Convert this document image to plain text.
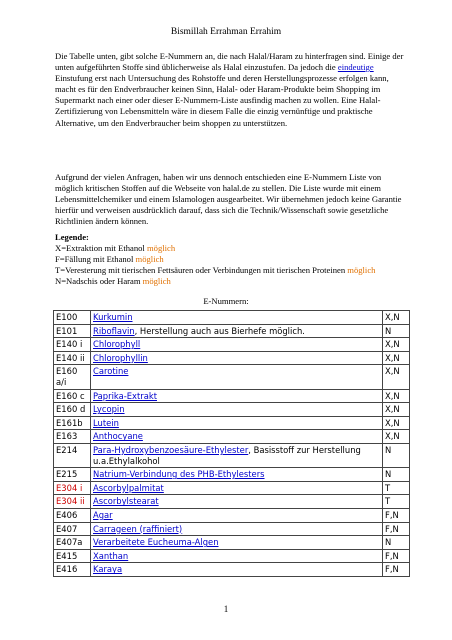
Bismillah Errahman Errahim
Die Tabelle unten, gibt solche E-Nummern an, die nach Halal/Haram zu hinterfragen sind. Einige der unten aufgeführten Stoffe sind üblicherweise als Halal einzustufen. Da jedoch die eindeutige Einstufung erst nach Untersuchung des Rohstoffe und deren Herstellungsprozesse erfolgen kann, macht es für den Endverbraucher keinen Sinn, Halal- oder Haram-Produkte beim Shopping im Supermarkt nach einer oder dieser E-Nummern-Liste ausfindig machen zu wollen. Eine Halal-Zertifizierung von Lebensmitteln wäre in diesem Falle die einzig vernünftige und praktische Alternative, um den Endverbraucher beim shoppen zu unterstützen.
Aufgrund der vielen Anfragen, haben wir uns dennoch entschieden eine E-Nummern Liste von möglich kritischen Stoffen auf die Webseite von halal.de zu stellen. Die Liste wurde mit einem Lebensmittelchemiker und einem Islamologen ausgearbeitet. Wir übernehmen jedoch keine Garantie hierfür und verweisen ausdrücklich darauf, dass sich die Technik/Wissenschaft sowie gesetzliche Richtlinien ändern können.
Legende:
X=Extraktion mit Ethanol möglich
F=Fällung mit Ethanol möglich
T=Veresterung mit tierischen Fettsäuren oder Verbindungen mit tierischen Proteinen möglich
N=Nadschis oder Haram möglich
E-Nummern:
E100	Kurkumin	X,N
E101	Riboflavin, Herstellung auch aus Bierhefe möglich.	N
E140 i	Chlorophyll	X,N
E140 ii	Chlorophyllin	X,N
E160 a/i	Carotine	X,N
E160 c	Paprika-Extrakt	X,N
E160 d	Lycopin	X,N
E161b	Lutein	X,N
E163	Anthocyane	X,N
E214	Para-Hydroxybenzoesäure-Ethylester, Basisstoff zur Herstellung u.a.Ethylalkohol	N
E215	Natrium-Verbindung des PHB-Ethylesters	N
E304 i	Ascorbylpalmitat	T
E304 ii	Ascorbylstearat	T
E406	Agar	F,N
E407	Carrageen (raffiniert)	F,N
E407a	Verarbeitete Eucheuma-Algen	N
E415	Xanthan	F,N
E416	Karaya	F,N
1
